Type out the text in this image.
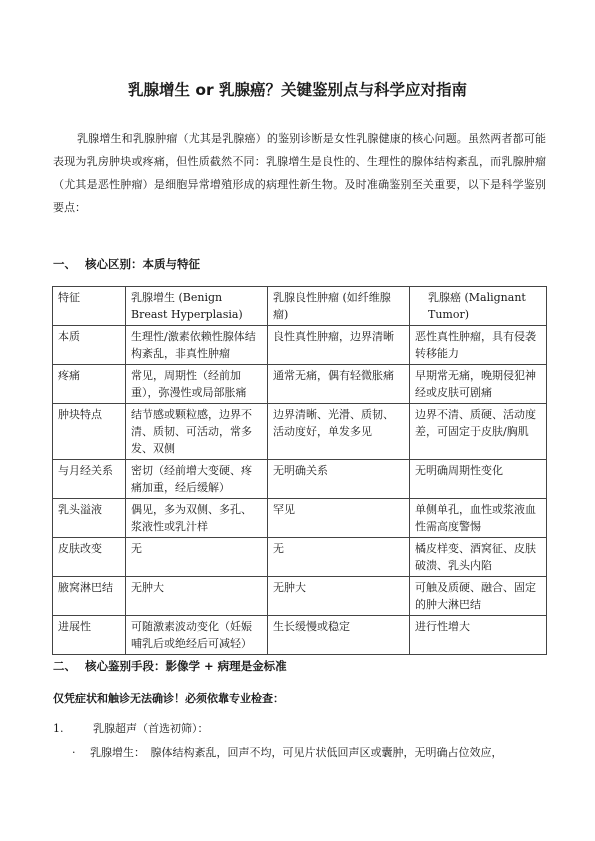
乳腺增生 or 乳腺癌？关键鉴别点与科学应对指南

乳腺增生和乳腺肿瘤（尤其是乳腺癌）的鉴别诊断是女性乳腺健康的核心问题。虽然两者都可能表现为乳房肿块或疼痛，但性质截然不同：乳腺增生是良性的、生理性的腺体结构紊乱，而乳腺肿瘤（尤其是恶性肿瘤）是细胞异常增殖形成的病理性新生物。及时准确鉴别至关重要，以下是科学鉴别要点：

一、 核心区别：本质与特征
特征	乳腺增生 (Benign Breast Hyperplasia)	乳腺良性肿瘤 (如纤维腺瘤)	乳腺癌 (Malignant Tumor)
本质	生理性/激素依赖性腺体结构紊乱，非真性肿瘤	良性真性肿瘤，边界清晰	恶性真性肿瘤，具有侵袭转移能力
疼痛	常见，周期性（经前加重），弥漫性或局部胀痛	通常无痛，偶有轻微胀痛	早期常无痛，晚期侵犯神经或皮肤可剧痛
肿块特点	结节感或颗粒感，边界不清、质韧、可活动，常多发、双侧	边界清晰、光滑、质韧、活动度好，单发多见	边界不清、质硬、活动度差，可固定于皮肤/胸肌
与月经关系	密切（经前增大变硬、疼痛加重，经后缓解）	无明确关系	无明确周期性变化
乳头溢液	偶见，多为双侧、多孔、浆液性或乳汁样	罕见	单侧单孔，血性或浆液血性需高度警惕
皮肤改变	无	无	橘皮样变、酒窝征、皮肤破溃、乳头内陷
腋窝淋巴结	无肿大	无肿大	可触及质硬、融合、固定的肿大淋巴结
进展性	可随激素波动变化（妊娠哺乳后或绝经后可减轻）	生长缓慢或稳定	进行性增大
二、 核心鉴别手段：影像学 + 病理是金标准
仅凭症状和触诊无法确诊！必须依靠专业检查：
1.	乳腺超声（首选初筛）：
· 乳腺增生：　腺体结构紊乱，回声不均，可见片状低回声区或囊肿，无明确占位效应，
